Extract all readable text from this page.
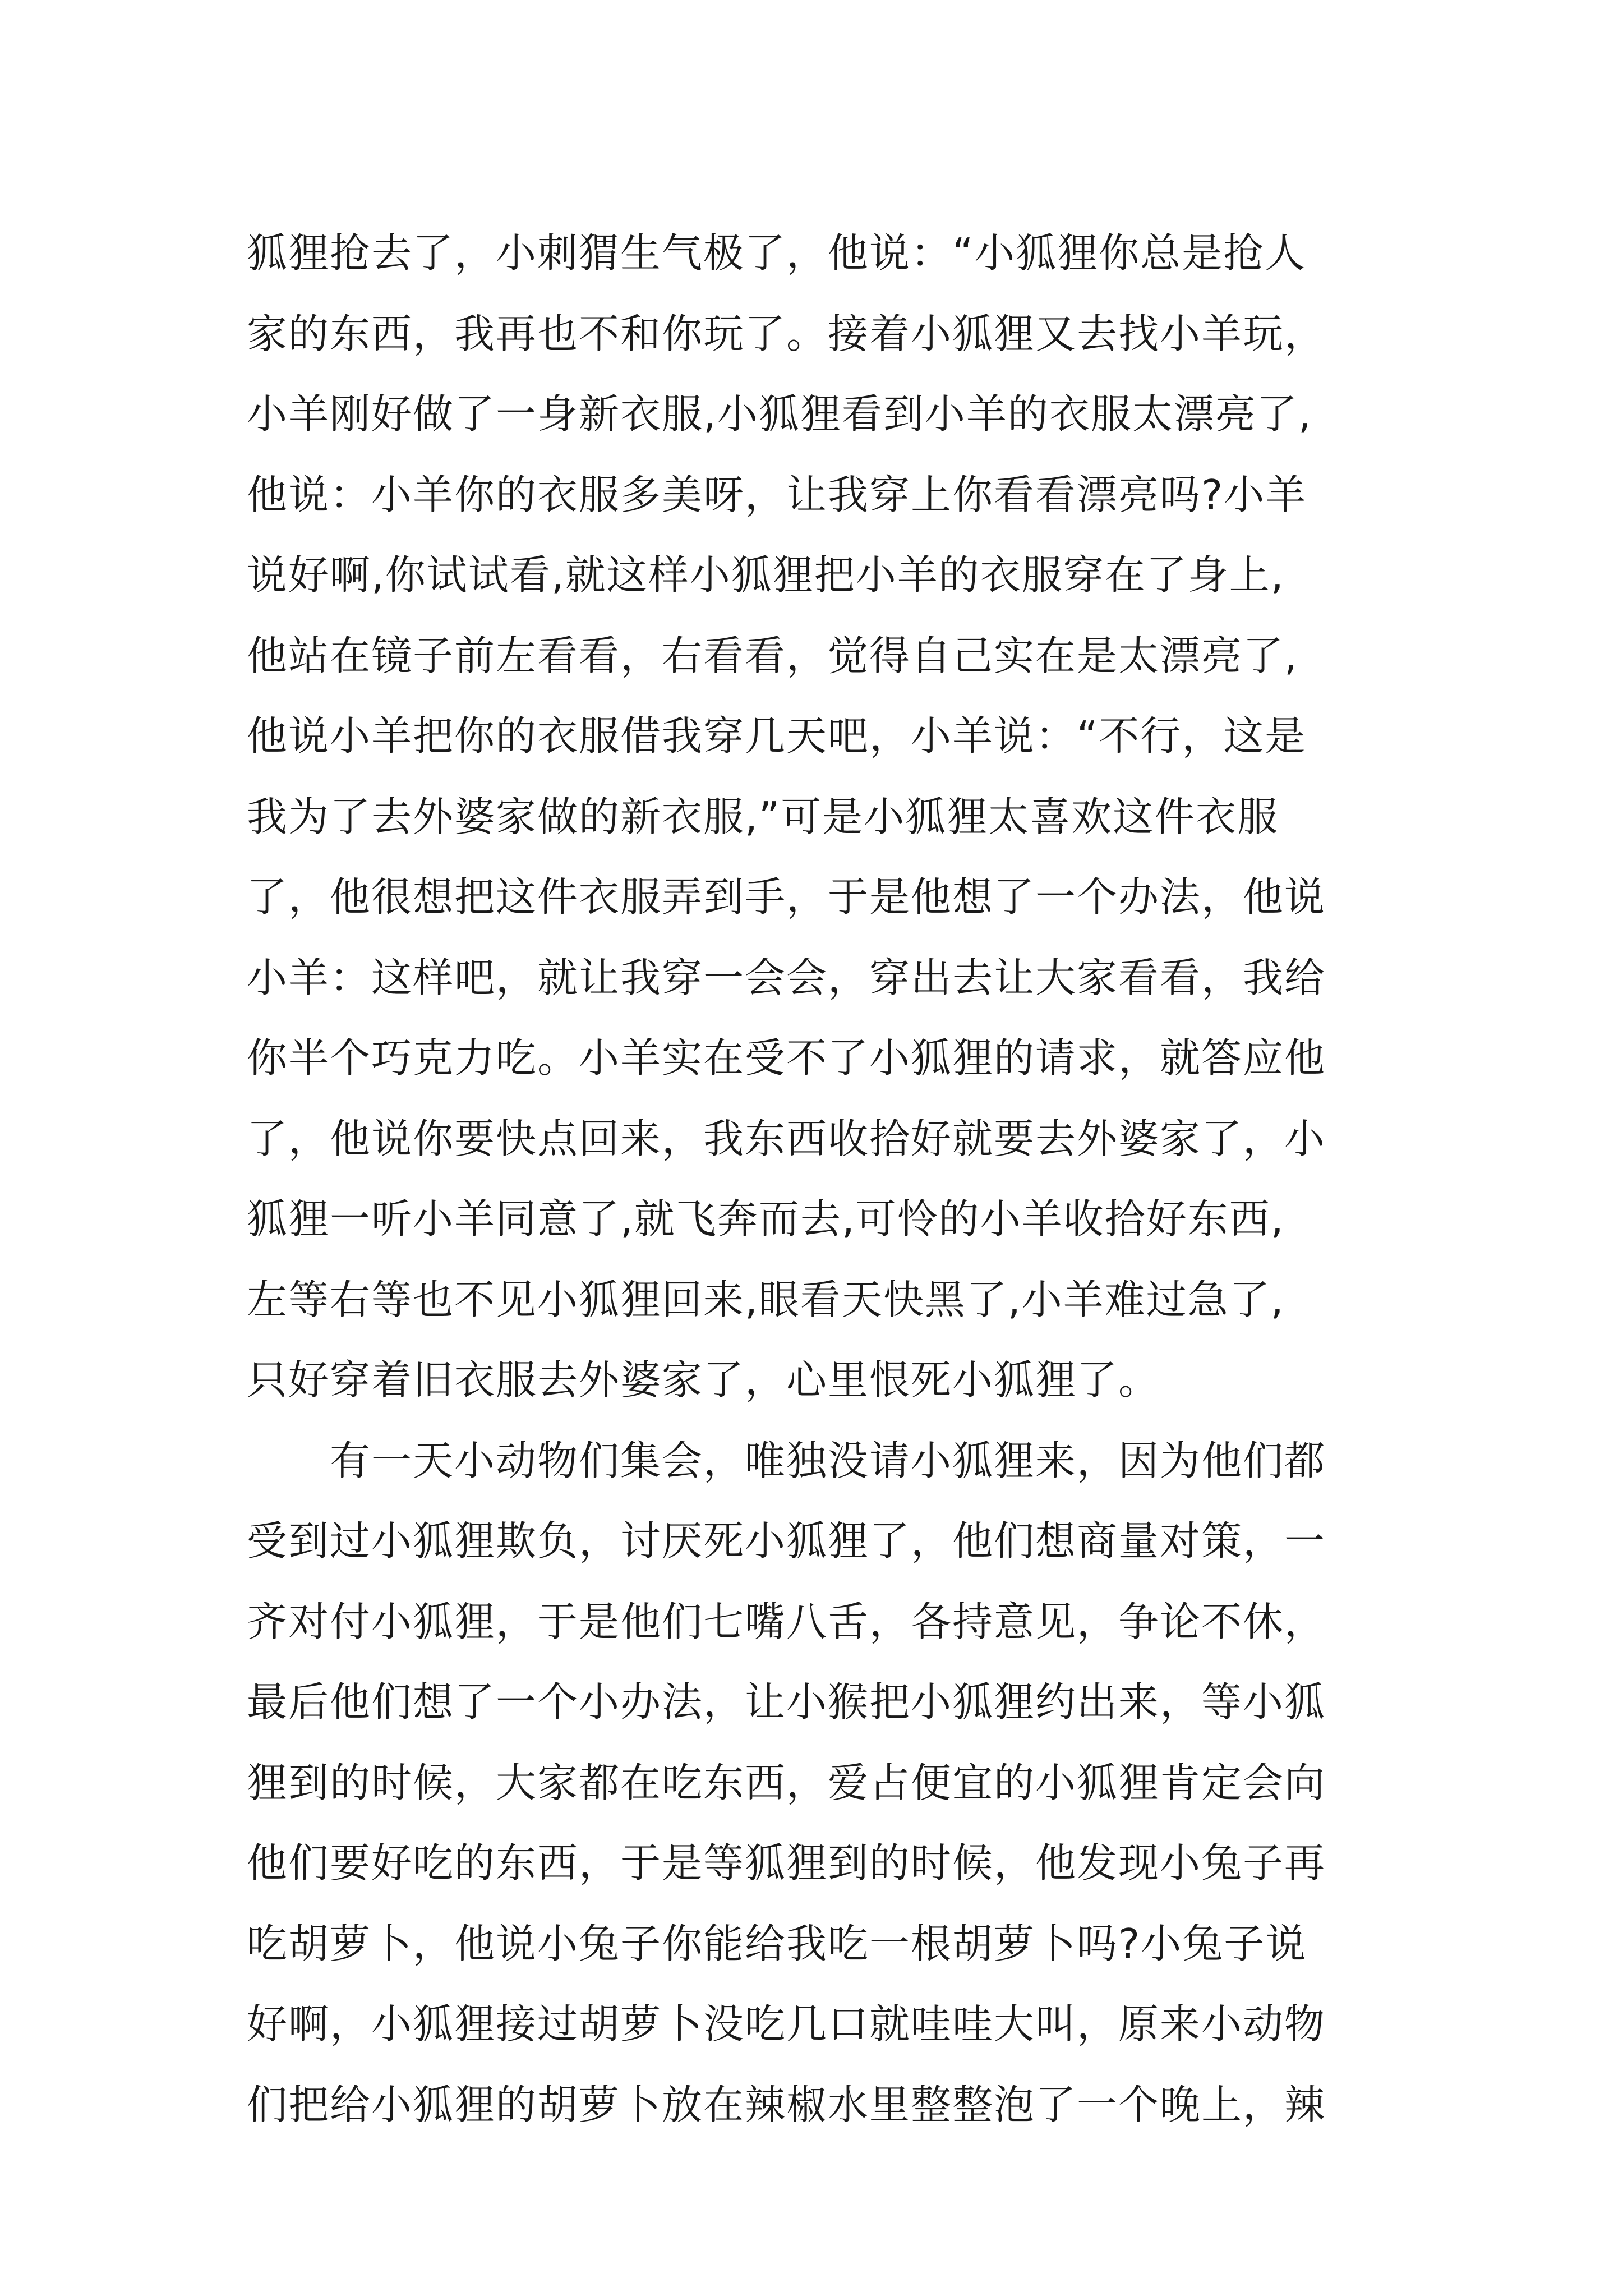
狐狸抢去了，小刺猬生气极了，他说：“小狐狸你总是抢人
家的东西，我再也不和你玩了。接着小狐狸又去找小羊玩，
小羊刚好做了一身新衣服,小狐狸看到小羊的衣服太漂亮了,
他说：小羊你的衣服多美呀，让我穿上你看看漂亮吗?小羊
说好啊,你试试看,就这样小狐狸把小羊的衣服穿在了身上,
他站在镜子前左看看，右看看，觉得自己实在是太漂亮了,
他说小羊把你的衣服借我穿几天吧，小羊说：“不行，这是
我为了去外婆家做的新衣服,”可是小狐狸太喜欢这件衣服
了，他很想把这件衣服弄到手，于是他想了一个办法，他说
小羊：这样吧，就让我穿一会会，穿出去让大家看看，我给
你半个巧克力吃。小羊实在受不了小狐狸的请求，就答应他
了，他说你要快点回来，我东西收拾好就要去外婆家了，小
狐狸一听小羊同意了,就飞奔而去,可怜的小羊收拾好东西,
左等右等也不见小狐狸回来,眼看天快黑了,小羊难过急了,
只好穿着旧衣服去外婆家了，心里恨死小狐狸了。
　　有一天小动物们集会，唯独没请小狐狸来，因为他们都
受到过小狐狸欺负，讨厌死小狐狸了，他们想商量对策，一
齐对付小狐狸，于是他们七嘴八舌，各持意见，争论不休，
最后他们想了一个小办法，让小猴把小狐狸约出来，等小狐
狸到的时候，大家都在吃东西，爱占便宜的小狐狸肯定会向
他们要好吃的东西，于是等狐狸到的时候，他发现小兔子再
吃胡萝卜，他说小兔子你能给我吃一根胡萝卜吗?小兔子说
好啊，小狐狸接过胡萝卜没吃几口就哇哇大叫，原来小动物
们把给小狐狸的胡萝卜放在辣椒水里整整泡了一个晚上，辣
